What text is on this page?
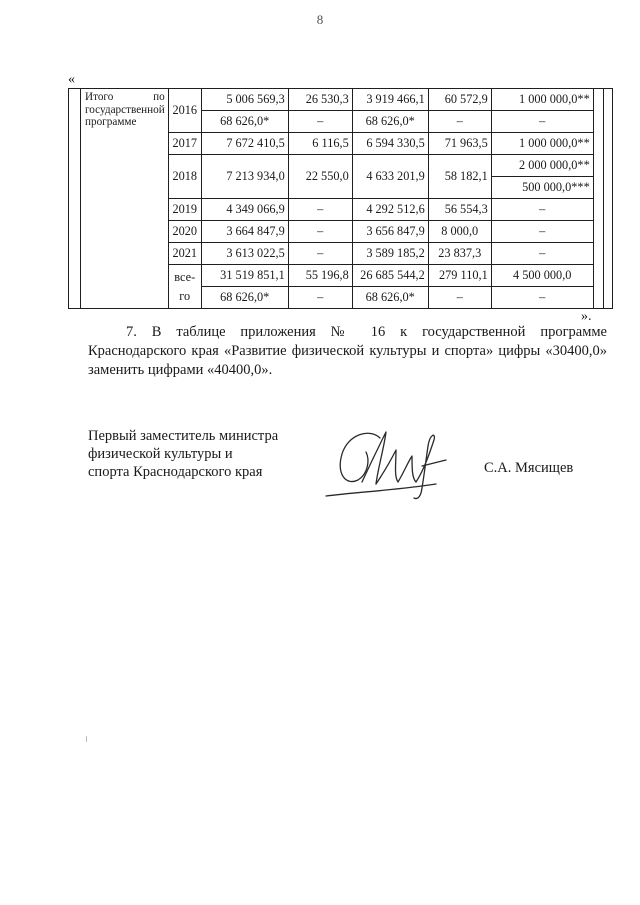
8
«
	Итого по государственной программе	2016	5 006 569,3	26 530,3	3 919 466,1	60 572,9	1 000 000,0**		
			68 626,0*	–	68 626,0*	–	–		
		2017	7 672 410,5	6 116,5	6 594 330,5	71 963,5	1 000 000,0**		
		2018	7 213 934,0	22 550,0	4 633 201,9	58 182,1	2 000 000,0**		
							500 000,0***		
		2019	4 349 066,9	–	4 292 512,6	56 554,3	–		
		2020	3 664 847,9	–	3 656 847,9	8 000,0	–		
		2021	3 613 022,5	–	3 589 185,2	23 837,3	–		
		все-го	31 519 851,1	55 196,8	26 685 544,2	279 110,1	4 500 000,0		
			68 626,0*	–	68 626,0*	–	–		
».
7. В таблице приложения № 16 к государственной программе Краснодарского края «Развитие физической культуры и спорта» цифры «30400,0» заменить цифрами «40400,0».
Первый заместитель министра
физической культуры и
спорта Краснодарского края	С.А. Мясищев
